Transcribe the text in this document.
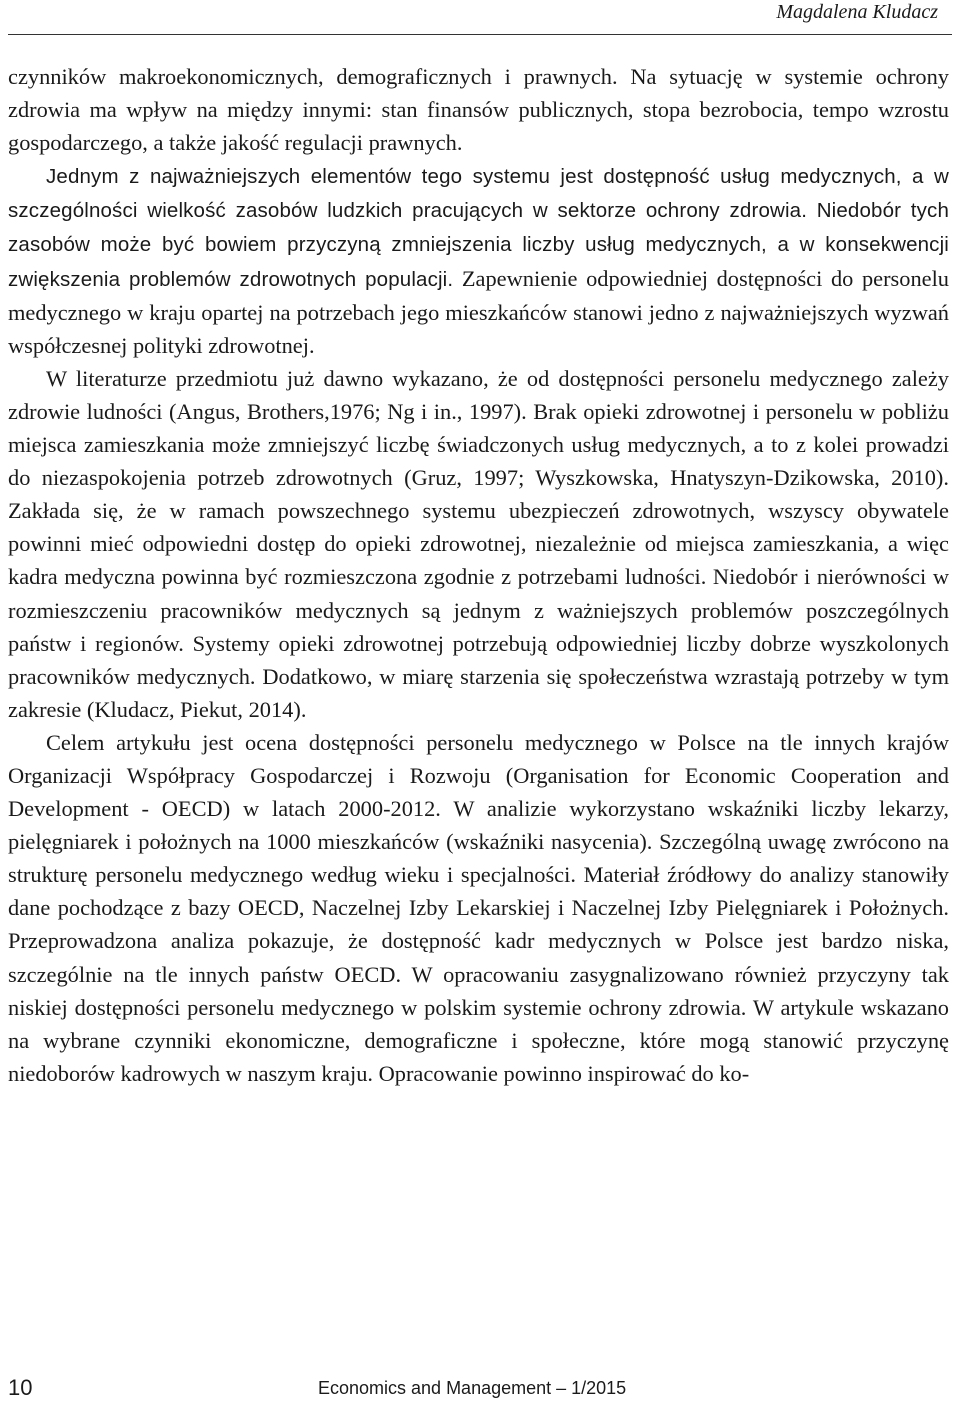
Magdalena Kludacz

czynników makroekonomicznych, demograficznych i prawnych. Na sytuację w systemie ochrony zdrowia ma wpływ na między innymi: stan finansów publicznych, stopa bezrobocia, tempo wzrostu gospodarczego, a także jakość regulacji prawnych.

Jednym z najważniejszych elementów tego systemu jest dostępność usług medycznych, a w szczególności wielkość zasobów ludzkich pracujących w sektorze ochrony zdrowia. Niedobór tych zasobów może być bowiem przyczyną zmniejszenia liczby usług medycznych, a w konsekwencji zwiększenia problemów zdrowotnych populacji. Zapewnienie odpowiedniej dostępności do personelu medycznego w kraju opartej na potrzebach jego mieszkańców stanowi jedno z najważniejszych wyzwań współczesnej polityki zdrowotnej.

W literaturze przedmiotu już dawno wykazano, że od dostępności personelu medycznego zależy zdrowie ludności (Angus, Brothers,1976; Ng i in., 1997). Brak opieki zdrowotnej i personelu w pobliżu miejsca zamieszkania może zmniejszyć liczbę świadczonych usług medycznych, a to z kolei prowadzi do niezaspokojenia potrzeb zdrowotnych (Gruz, 1997; Wyszkowska, Hnatyszyn-Dzikowska, 2010). Zakłada się, że w ramach powszechnego systemu ubezpieczeń zdrowotnych, wszyscy obywatele powinni mieć odpowiedni dostęp do opieki zdrowotnej, niezależnie od miejsca zamieszkania, a więc kadra medyczna powinna być rozmieszczona zgodnie z potrzebami ludności. Niedobór i nierówności w rozmieszczeniu pracowników medycznych są jednym z ważniejszych problemów poszczególnych państw i regionów. Systemy opieki zdrowotnej potrzebują odpowiedniej liczby dobrze wyszkolonych pracowników medycznych. Dodatkowo, w miarę starzenia się społeczeństwa wzrastają potrzeby w tym zakresie (Kludacz, Piekut, 2014).

Celem artykułu jest ocena dostępności personelu medycznego w Polsce na tle innych krajów Organizacji Współpracy Gospodarczej i Rozwoju (Organisation for Economic Cooperation and Development - OECD) w latach 2000-2012. W analizie wykorzystano wskaźniki liczby lekarzy, pielęgniarek i położnych na 1000 mieszkańców (wskaźniki nasycenia). Szczególną uwagę zwrócono na strukturę personelu medycznego według wieku i specjalności. Materiał źródłowy do analizy stanowiły dane pochodzące z bazy OECD, Naczelnej Izby Lekarskiej i Naczelnej Izby Pielęgniarek i Położnych. Przeprowadzona analiza pokazuje, że dostępność kadr medycznych w Polsce jest bardzo niska, szczególnie na tle innych państw OECD. W opracowaniu zasygnalizowano również przyczyny tak niskiej dostępności personelu medycznego w polskim systemie ochrony zdrowia. W artykule wskazano na wybrane czynniki ekonomiczne, demograficzne i społeczne, które mogą stanowić przyczynę niedoborów kadrowych w naszym kraju. Opracowanie powinno inspirować do ko-

10	Economics and Management – 1/2015
